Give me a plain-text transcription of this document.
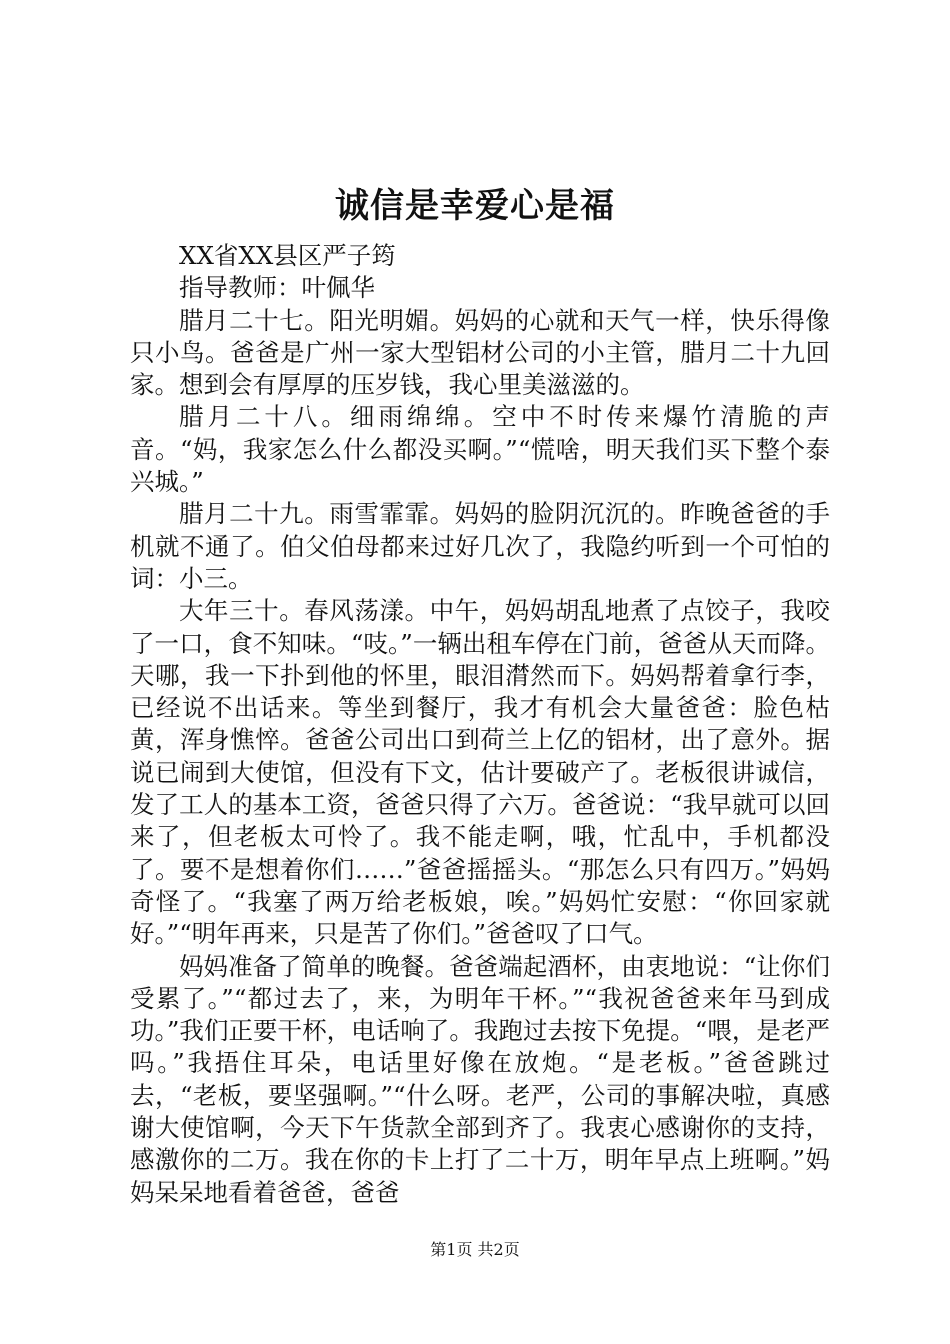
诚信是幸爱心是福

XX省XX县区严子筠

指导教师：叶佩华

腊月二十七。阳光明媚。妈妈的心就和天气一样，快乐得像只小鸟。爸爸是广州一家大型铝材公司的小主管，腊月二十九回家。想到会有厚厚的压岁钱，我心里美滋滋的。

腊月二十八。细雨绵绵。空中不时传来爆竹清脆的声音。“妈，我家怎么什么都没买啊。”“慌啥，明天我们买下整个泰兴城。”

腊月二十九。雨雪霏霏。妈妈的脸阴沉沉的。昨晚爸爸的手机就不通了。伯父伯母都来过好几次了，我隐约听到一个可怕的词：小三。

大年三十。春风荡漾。中午，妈妈胡乱地煮了点饺子，我咬了一口，食不知味。“吱。”一辆出租车停在门前，爸爸从天而降。天哪，我一下扑到他的怀里，眼泪潸然而下。妈妈帮着拿行李，已经说不出话来。等坐到餐厅，我才有机会大量爸爸：脸色枯黄，浑身憔悴。爸爸公司出口到荷兰上亿的铝材，出了意外。据说已闹到大使馆，但没有下文，估计要破产了。老板很讲诚信，发了工人的基本工资，爸爸只得了六万。爸爸说：“我早就可以回来了，但老板太可怜了。我不能走啊，哦，忙乱中，手机都没了。要不是想着你们……”爸爸摇摇头。“那怎么只有四万。”妈妈奇怪了。“我塞了两万给老板娘，唉。”妈妈忙安慰：“你回家就好。”“明年再来，只是苦了你们。”爸爸叹了口气。

妈妈准备了简单的晚餐。爸爸端起酒杯，由衷地说：“让你们受累了。”“都过去了，来，为明年干杯。”“我祝爸爸来年马到成功。”我们正要干杯，电话响了。我跑过去按下免提。“喂，是老严吗。”我捂住耳朵，电话里好像在放炮。“是老板。”爸爸跳过去，“老板，要坚强啊。”“什么呀。老严，公司的事解决啦，真感谢大使馆啊，今天下午货款全部到齐了。我衷心感谢你的支持，感激你的二万。我在你的卡上打了二十万，明年早点上班啊。”妈妈呆呆地看着爸爸，爸爸

第1页 共2页
